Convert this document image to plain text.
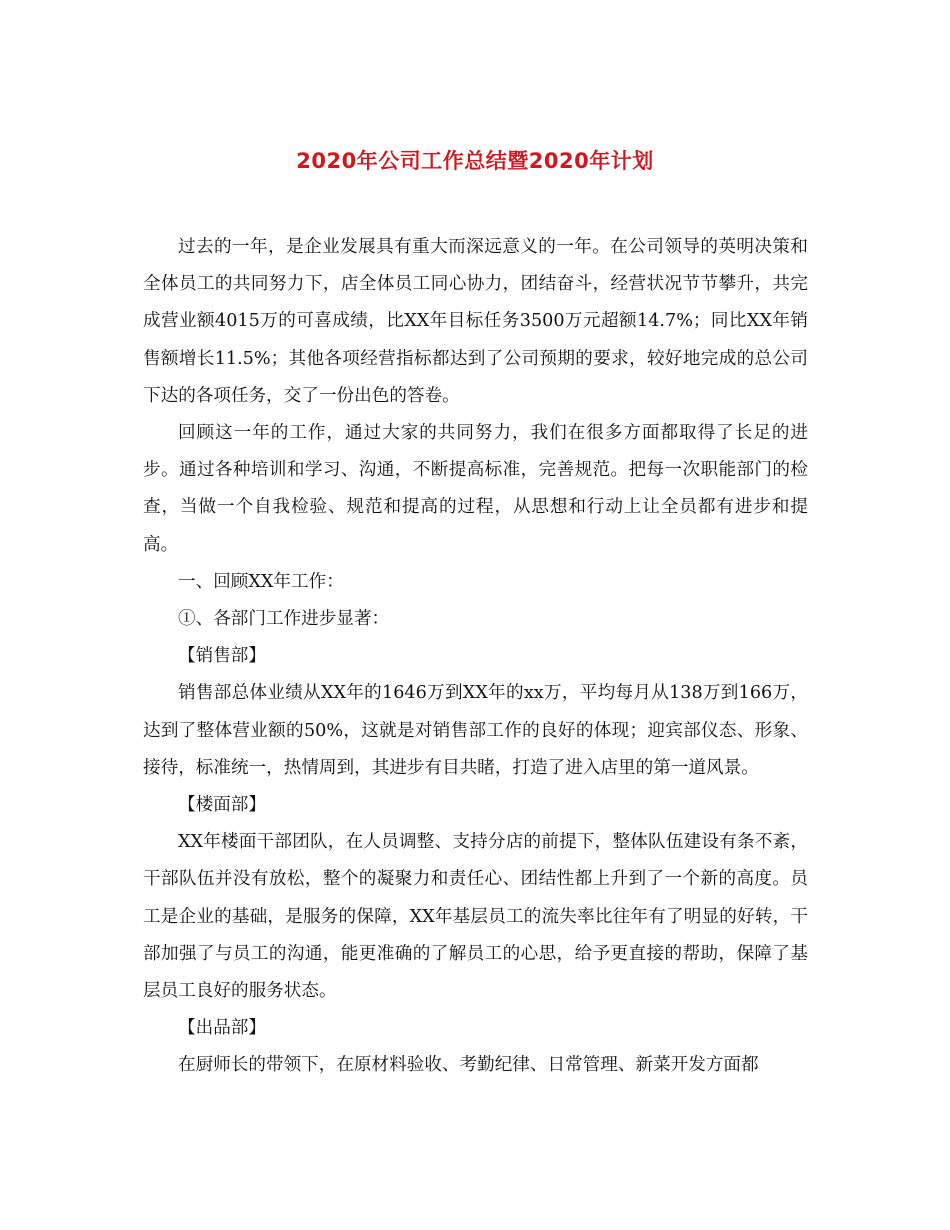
2020年公司工作总结暨2020年计划

过去的一年，是企业发展具有重大而深远意义的一年。在公司领导的英明决策和全体员工的共同努力下，店全体员工同心协力，团结奋斗，经营状况节节攀升，共完成营业额4015万的可喜成绩，比XX年目标任务3500万元超额14.7%；同比XX年销售额增长11.5%；其他各项经营指标都达到了公司预期的要求，较好地完成的总公司下达的各项任务，交了一份出色的答卷。

回顾这一年的工作，通过大家的共同努力，我们在很多方面都取得了长足的进步。通过各种培训和学习、沟通，不断提高标准，完善规范。把每一次职能部门的检查，当做一个自我检验、规范和提高的过程，从思想和行动上让全员都有进步和提高。

一、回顾XX年工作：

①、各部门工作进步显著：

【销售部】

销售部总体业绩从XX年的1646万到XX年的xx万，平均每月从138万到166万，达到了整体营业额的50%，这就是对销售部工作的良好的体现；迎宾部仪态、形象、接待，标准统一，热情周到，其进步有目共睹，打造了进入店里的第一道风景。

【楼面部】

XX年楼面干部团队，在人员调整、支持分店的前提下，整体队伍建设有条不紊，干部队伍并没有放松，整个的凝聚力和责任心、团结性都上升到了一个新的高度。员工是企业的基础，是服务的保障，XX年基层员工的流失率比往年有了明显的好转，干部加强了与员工的沟通，能更准确的了解员工的心思，给予更直接的帮助，保障了基层员工良好的服务状态。

【出品部】

在厨师长的带领下，在原材料验收、考勤纪律、日常管理、新菜开发方面都
